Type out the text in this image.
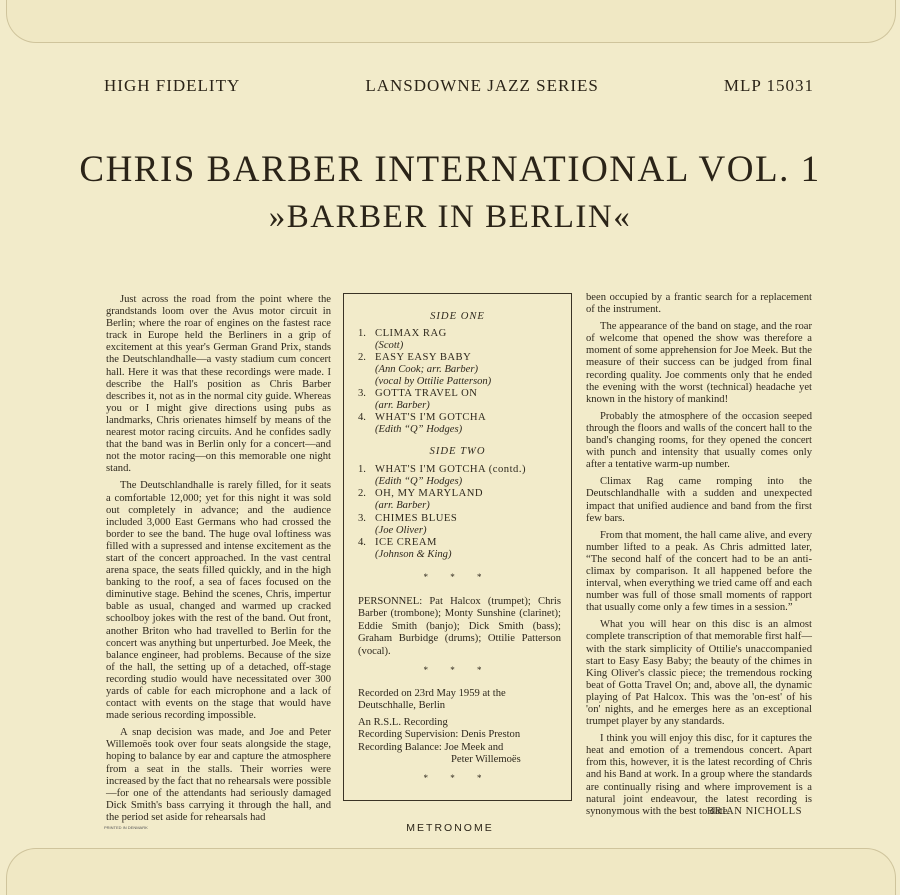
HIGH FIDELITY	LANSDOWNE JAZZ SERIES	MLP 15031
CHRIS BARBER INTERNATIONAL VOL. 1
»BARBER IN BERLIN«

Just across the road from the point where the grandstands loom over the Avus motor circuit in Berlin; where the roar of engines on the fastest race track in Europe held the Berliners in a grip of excitement at this year's German Grand Prix, stands the Deutschlandhalle—a vasty stadium cum concert hall. Here it was that these recordings were made. I describe the Hall's position as Chris Barber describes it, not as in the normal city guide. Whereas you or I might give directions using pubs as landmarks, Chris orienates himself by means of the nearest motor racing circuits. And he confides sadly that the band was in Berlin only for a concert—and not the motor racing—on this memorable one night stand.

The Deutschlandhalle is rarely filled, for it seats a comfortable 12,000; yet for this night it was sold out completely in advance; and the audience included 3,000 East Germans who had crossed the border to see the band. The huge oval loftiness was filled with a supressed and intense excitement as the start of the concert approached. In the vast central arena space, the seats filled quickly, and in the high banking to the roof, a sea of faces focused on the diminutive stage. Behind the scenes, Chris, impertur bable as usual, changed and warmed up cracked schoolboy jokes with the rest of the band. Out front, another Briton who had travelled to Berlin for the concert was anything but unperturbed. Joe Meek, the balance engineer, had problems. Because of the size of the hall, the setting up of a detached, off-stage recording studio would have necessitated over 300 yards of cable for each microphone and a lack of contact with events on the stage that would have made serious recording impossible.

A snap decision was made, and Joe and Peter Willemoës took over four seats alongside the stage, hoping to balance by ear and capture the atmosphere from a seat in the stalls. Their worries were increased by the fact that no rehearsals were possible—for one of the attendants had seriously damaged Dick Smith's bass carrying it through the hall, and the period set aside for rehearsals had

SIDE ONE

1. CLIMAX RAG
(Scott)
2. EASY EASY BABY
(Ann Cook; arr. Barber)
(vocal by Ottilie Patterson)
3. GOTTA TRAVEL ON
(arr. Barber)
4. WHAT'S I'M GOTCHA
(Edith “Q” Hodges)

SIDE TWO

1. WHAT'S I'M GOTCHA (contd.)
(Edith “Q” Hodges)
2. OH, MY MARYLAND
(arr. Barber)
3. CHIMES BLUES
(Joe Oliver)
4. ICE CREAM
(Johnson & King)
* * *
PERSONNEL: Pat Halcox (trumpet); Chris Barber (trombone); Monty Sunshine (clarinet); Eddie Smith (banjo); Dick Smith (bass); Graham Burbidge (drums); Ottilie Patterson (vocal).
* * *
Recorded on 23rd May 1959 at the Deutschhalle, Berlin
An R.S.L. Recording
Recording Supervision: Denis Preston
Recording Balance: Joe Meek and
Peter Willemoës
* * *

been occupied by a frantic search for a replacement of the instrument.

The appearance of the band on stage, and the roar of welcome that opened the show was therefore a moment of some apprehension for Joe Meek. But the measure of their success can be judged from final recording quality. Joe comments only that he ended the evening with the worst (technical) headache yet known in the history of mankind!

Probably the atmosphere of the occasion seeped through the floors and walls of the concert hall to the band's changing rooms, for they opened the concert with punch and intensity that usually comes only after a tentative warm-up number.

Climax Rag came romping into the Deutschlandhalle with a sudden and unexpected impact that unified audience and band from the first few bars.

From that moment, the hall came alive, and every number lifted to a peak. As Chris admitted later, “The second half of the concert had to be an anti-climax by comparison. It all happened before the interval, when everything we tried came off and each number was full of those small moments of rapport that usually come only a few times in a session.”

What you will hear on this disc is an almost complete transcription of that memorable first half—with the stark simplicity of Ottilie's unaccompanied start to Easy Easy Baby; the beauty of the chimes in King Oliver's classic piece; the tremendous rocking beat of Gotta Travel On; and, above all, the dynamic playing of Pat Halcox. This was the 'on-est' of his 'on' nights, and he emerges here as an exceptional trumpet player by any standards.

I think you will enjoy this disc, for it captures the heat and emotion of a tremendous concert. Apart from this, however, it is the latest recording of Chris and his Band at work. In a group where the standards are continually rising and where improvement is a natural joint endeavour, the latest recording is synonymous with the best to date.

BRIAN NICHOLLS
PRINTED IN DENMARK	METRONOME
